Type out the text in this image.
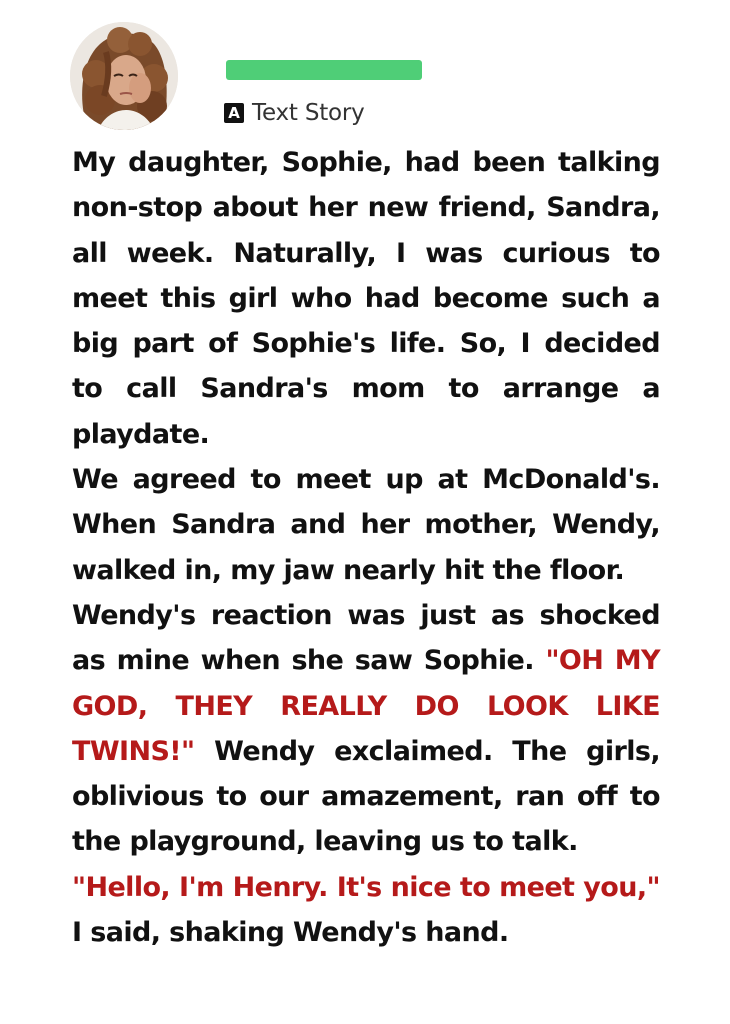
A Text Story

My daughter, Sophie, had been talking non-stop about her new friend, Sandra, all week. Naturally, I was curious to meet this girl who had become such a big part of Sophie's life. So, I decided to call Sandra's mom to arrange a playdate.

We agreed to meet up at McDonald's. When Sandra and her mother, Wendy, walked in, my jaw nearly hit the floor.

Wendy's reaction was just as shocked as mine when she saw Sophie. "OH MY GOD, THEY REALLY DO LOOK LIKE TWINS!" Wendy exclaimed. The girls, oblivious to our amazement, ran off to the playground, leaving us to talk.

"Hello, I'm Henry. It's nice to meet you," I said, shaking Wendy's hand.
